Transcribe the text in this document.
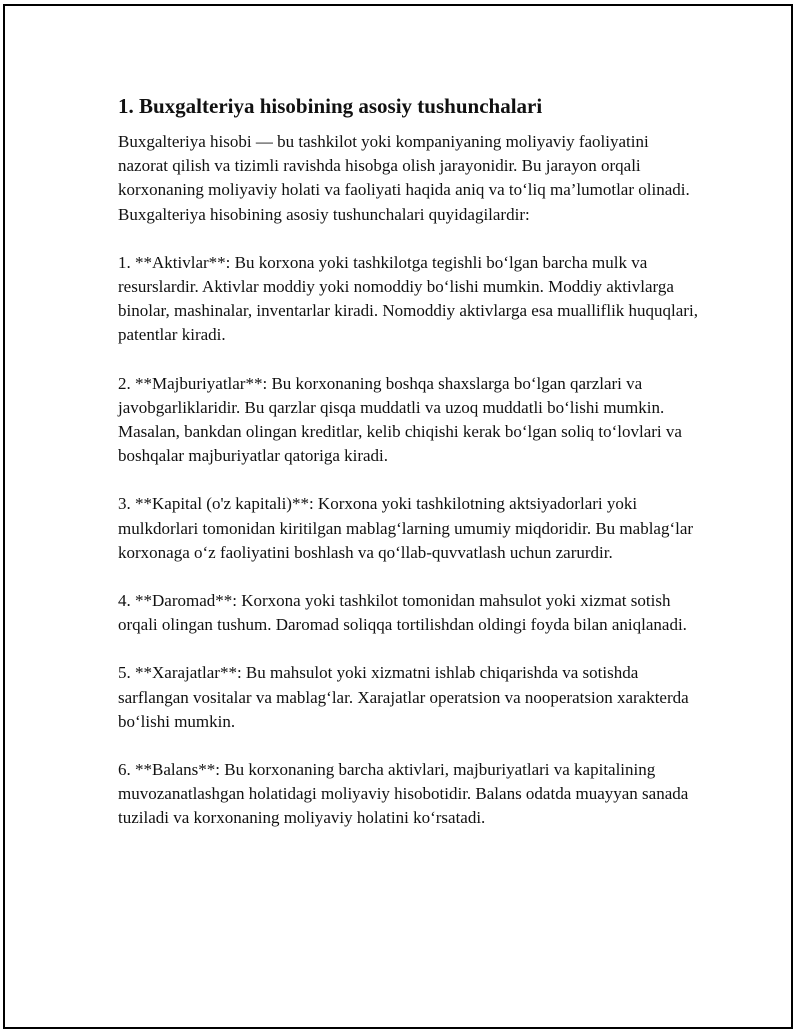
1. Buxgalteriya hisobining asosiy tushunchalari

Buxgalteriya hisobi — bu tashkilot yoki kompaniyaning moliyaviy faoliyatini nazorat qilish va tizimli ravishda hisobga olish jarayonidir. Bu jarayon orqali korxonaning moliyaviy holati va faoliyati haqida aniq va to‘liq ma’lumotlar olinadi. Buxgalteriya hisobining asosiy tushunchalari quyidagilardir:

1. **Aktivlar**: Bu korxona yoki tashkilotga tegishli bo‘lgan barcha mulk va resurslardir. Aktivlar moddiy yoki nomoddiy bo‘lishi mumkin. Moddiy aktivlarga binolar, mashinalar, inventarlar kiradi. Nomoddiy aktivlarga esa mualliflik huquqlari, patentlar kiradi.

2. **Majburiyatlar**: Bu korxonaning boshqa shaxslarga bo‘lgan qarzlari va javobgarliklaridir. Bu qarzlar qisqa muddatli va uzoq muddatli bo‘lishi mumkin. Masalan, bankdan olingan kreditlar, kelib chiqishi kerak bo‘lgan soliq to‘lovlari va boshqalar majburiyatlar qatoriga kiradi.

3. **Kapital (o'z kapitali)**: Korxona yoki tashkilotning aktsiyadorlari yoki mulkdorlari tomonidan kiritilgan mablag‘larning umumiy miqdoridir. Bu mablag‘lar korxonaga o‘z faoliyatini boshlash va qo‘llab-quvvatlash uchun zarurdir.

4. **Daromad**: Korxona yoki tashkilot tomonidan mahsulot yoki xizmat sotish orqali olingan tushum. Daromad soliqqa tortilishdan oldingi foyda bilan aniqlanadi.

5. **Xarajatlar**: Bu mahsulot yoki xizmatni ishlab chiqarishda va sotishda sarflangan vositalar va mablag‘lar. Xarajatlar operatsion va nooperatsion xarakterda bo‘lishi mumkin.

6. **Balans**: Bu korxonaning barcha aktivlari, majburiyatlari va kapitalining muvozanatlashgan holatidagi moliyaviy hisobotidir. Balans odatda muayyan sanada tuziladi va korxonaning moliyaviy holatini ko‘rsatadi.
